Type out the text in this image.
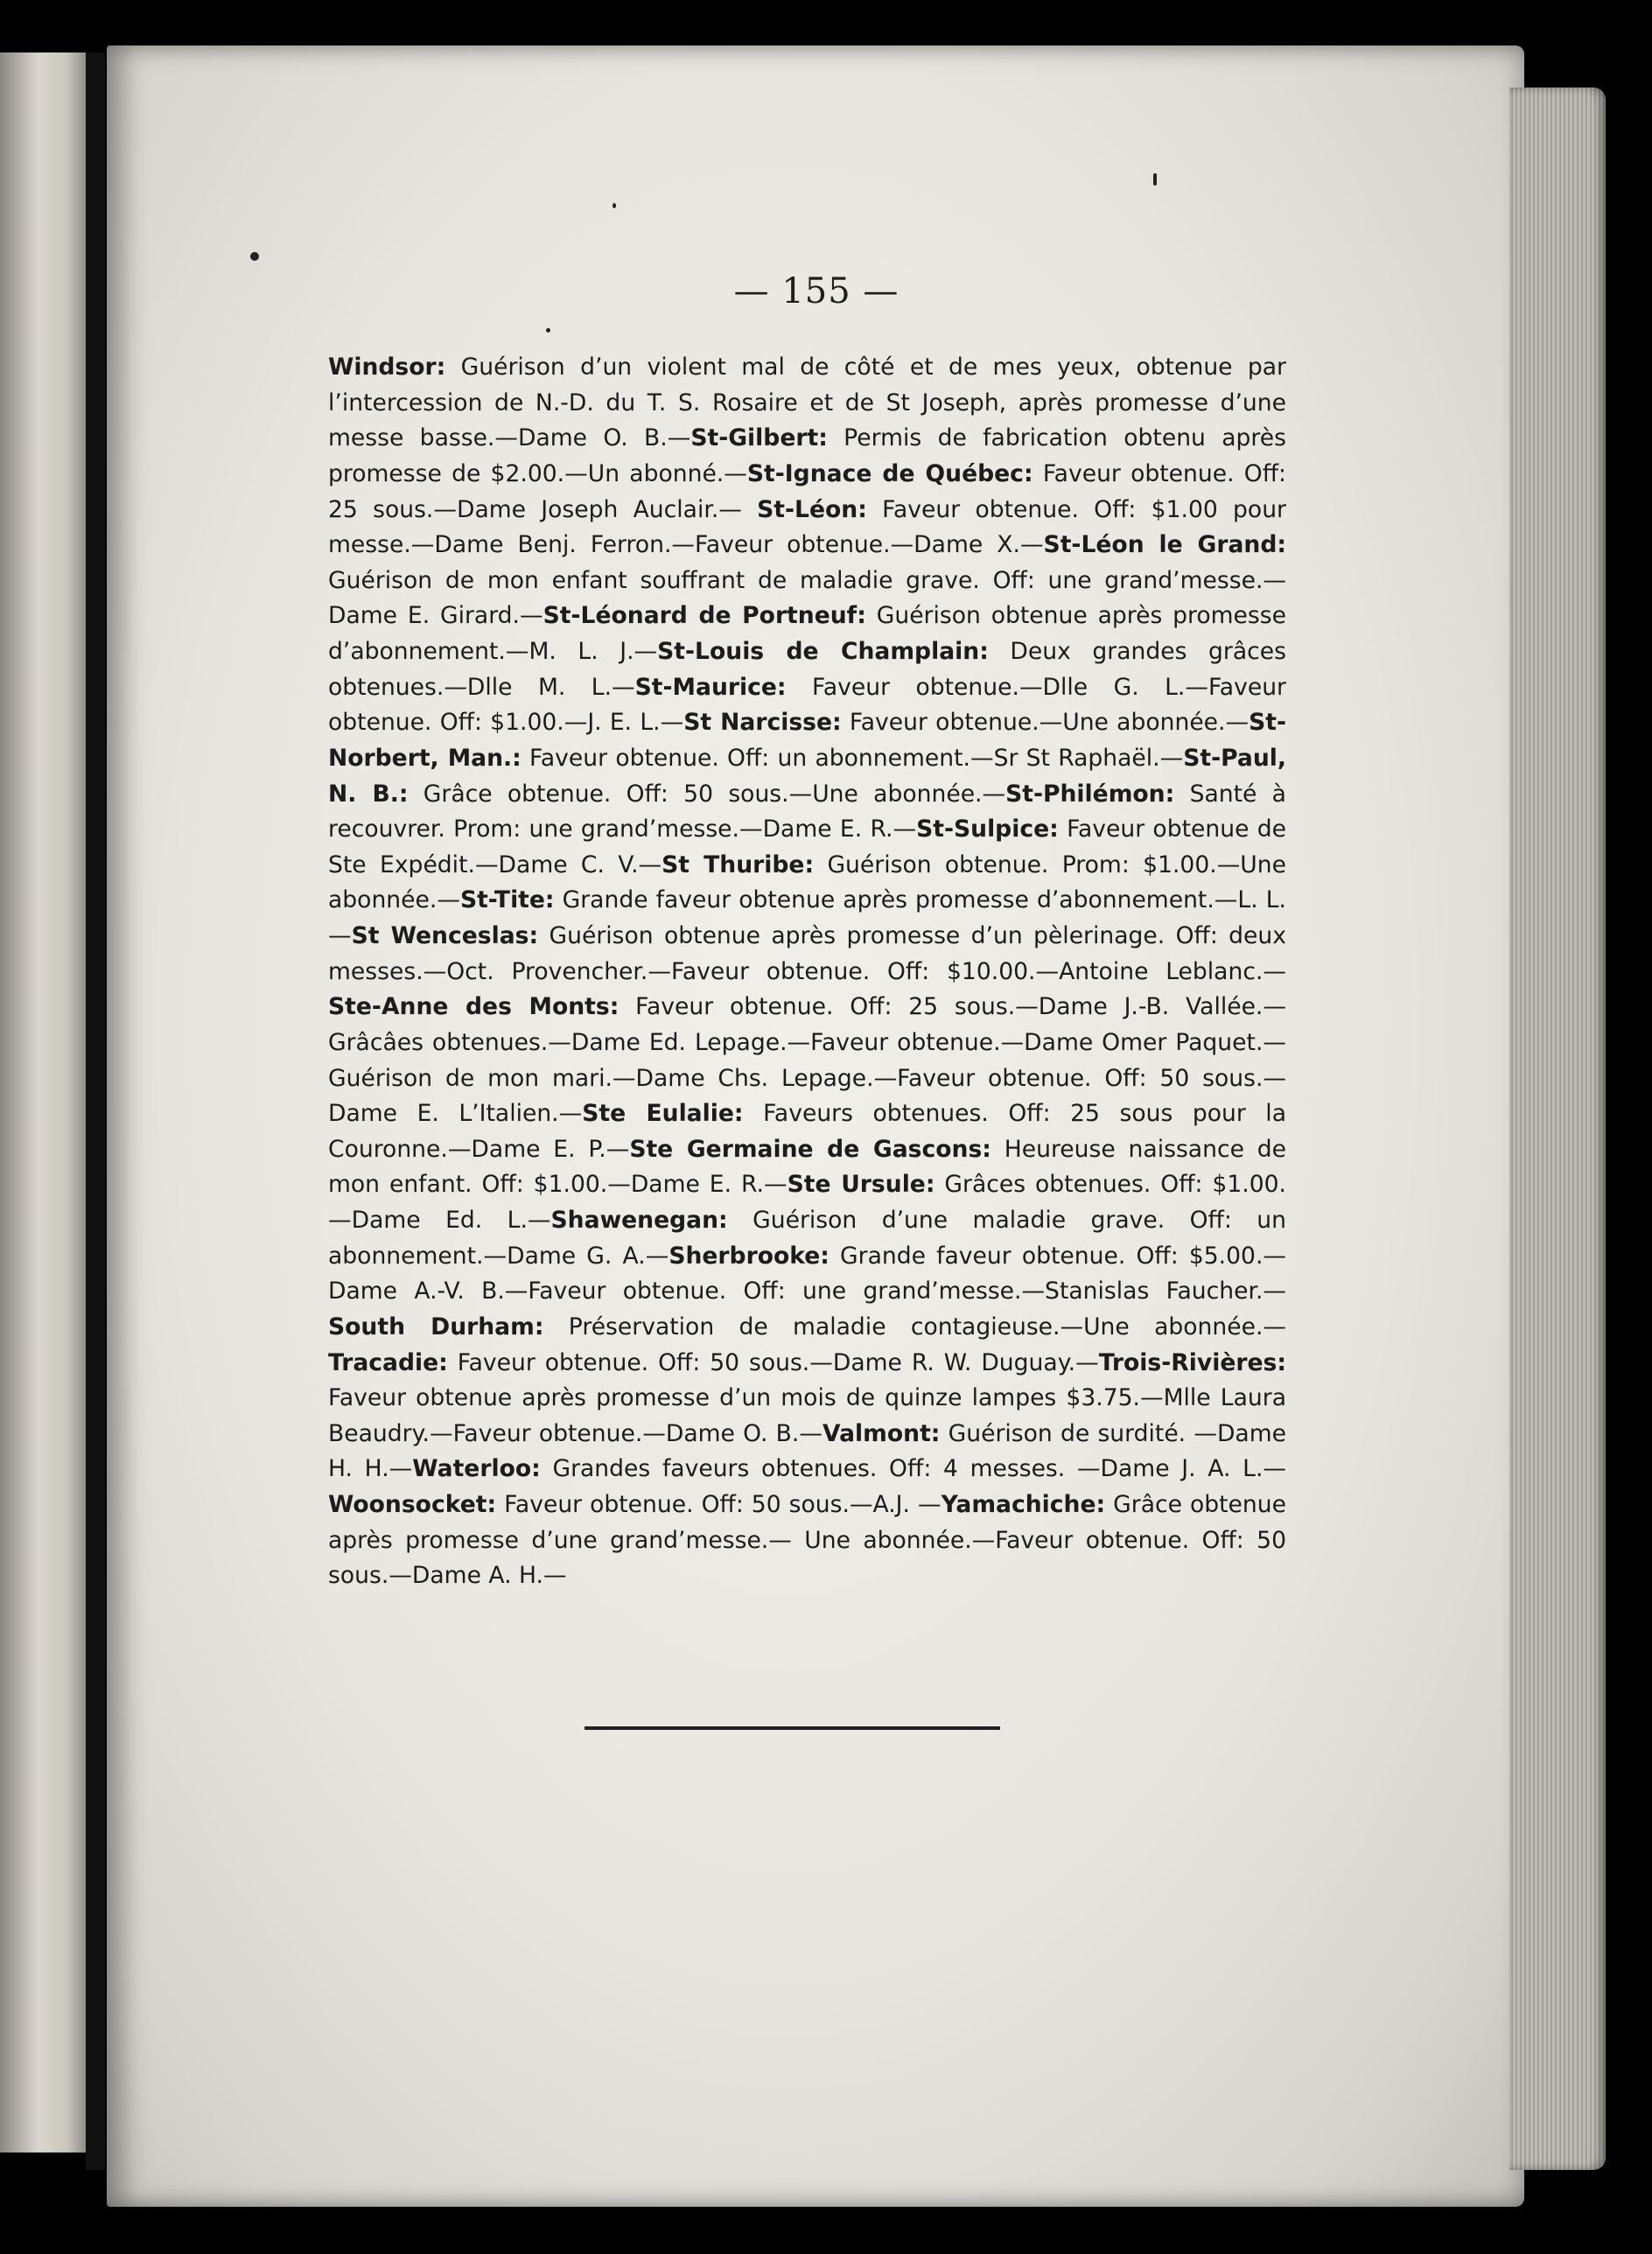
— 155 —
Windsor: Guérison d’un violent mal de côté et de mes yeux, obtenue par l’intercession de N.-D. du T. S. Rosaire et de St Joseph, après promesse d’une messe basse.—Dame O. B.—St-Gilbert: Permis de fabrication obtenu après promesse de $2.00.—Un abonné.—St-Ignace de Québec: Faveur obtenue. Off: 25 sous.—Dame Joseph Auclair.— St-Léon: Faveur obtenue. Off: $1.00 pour messe.—Dame Benj. Ferron.—Faveur obtenue.—Dame X.—St-Léon le Grand: Guérison de mon enfant souffrant de maladie grave. Off: une grand’messe.—Dame E. Girard.—St-Léonard de Portneuf: Guérison obtenue après promesse d’abonnement.—M. L. J.—St-Louis de Champlain: Deux grandes grâces obtenues.—Dlle M. L.—St-Maurice: Faveur obtenue.—Dlle G. L.—Faveur obtenue. Off: $1.00.—J. E. L.—St Narcisse: Faveur obtenue.—Une abonnée.—St-Norbert, Man.: Faveur obtenue. Off: un abonnement.—Sr St Raphaël.—St-Paul, N. B.: Grâce obtenue. Off: 50 sous.—Une abonnée.—St-Philémon: Santé à recouvrer. Prom: une grand’messe.—Dame E. R.—St-Sulpice: Faveur obtenue de Ste Expédit.—Dame C. V.—St Thuribe: Guérison obtenue. Prom: $1.00.—Une abonnée.—St-Tite: Grande faveur obtenue après promesse d’abonnement.—L. L.—St Wenceslas: Guérison obtenue après promesse d’un pèlerinage. Off: deux messes.—Oct. Provencher.—Faveur obtenue. Off: $10.00.—Antoine Leblanc.—Ste-Anne des Monts: Faveur obtenue. Off: 25 sous.—Dame J.-B. Vallée.—Grâcâes obtenues.—Dame Ed. Lepage.—Faveur obtenue.—Dame Omer Paquet.—Guérison de mon mari.—Dame Chs. Lepage.—Faveur obtenue. Off: 50 sous.—Dame E. L’Italien.—Ste Eulalie: Faveurs obtenues. Off: 25 sous pour la Couronne.—Dame E. P.—Ste Germaine de Gascons: Heureuse naissance de mon enfant. Off: $1.00.—Dame E. R.—Ste Ursule: Grâces obtenues. Off: $1.00.—Dame Ed. L.—Shawenegan: Guérison d’une maladie grave. Off: un abonnement.—Dame G. A.—Sherbrooke: Grande faveur obtenue. Off: $5.00.—Dame A.-V. B.—Faveur obtenue. Off: une grand’messe.—Stanislas Faucher.—South Durham: Préservation de maladie contagieuse.—Une abonnée.—Tracadie: Faveur obtenue. Off: 50 sous.—Dame R. W. Duguay.—Trois-Rivières: Faveur obtenue après promesse d’un mois de quinze lampes $3.75.—Mlle Laura Beaudry.—Faveur obtenue.—Dame O. B.—Valmont: Guérison de surdité. —Dame H. H.—Waterloo: Grandes faveurs obtenues. Off: 4 messes. —Dame J. A. L.—Woonsocket: Faveur obtenue. Off: 50 sous.—A.J. —Yamachiche: Grâce obtenue après promesse d’une grand’messe.— Une abonnée.—Faveur obtenue. Off: 50 sous.—Dame A. H.—
